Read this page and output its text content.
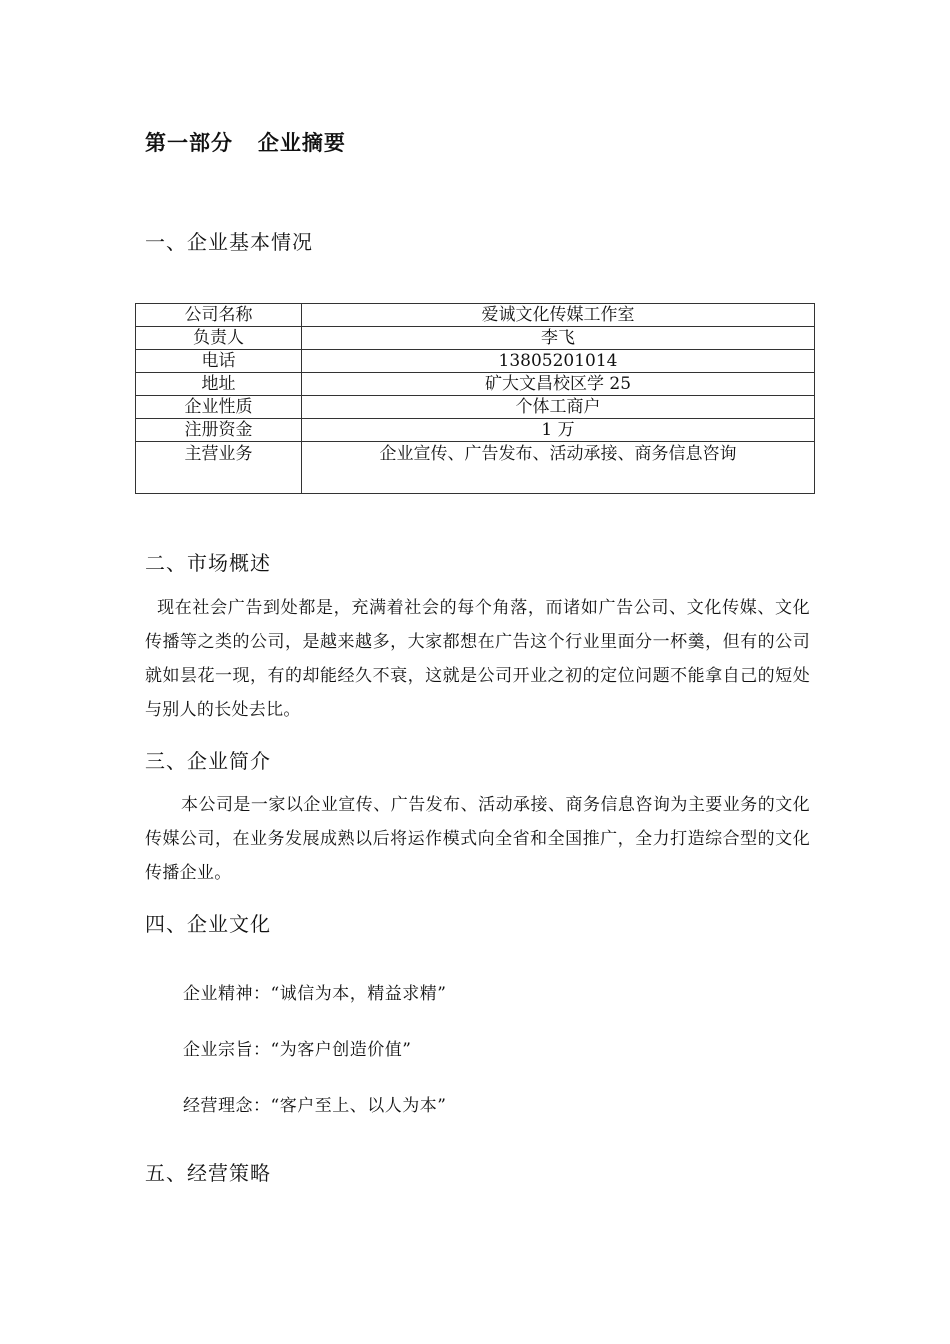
第一部分   企业摘要
一、企业基本情况
公司名称	爱诚文化传媒工作室
负责人	李飞
电话	13805201014
地址	矿大文昌校区学 25
企业性质	个体工商户
注册资金	1 万
主营业务	企业宣传、广告发布、活动承接、商务信息咨询
二、市场概述
现在社会广告到处都是，充满着社会的每个角落，而诸如广告公司、文化传媒、文化传播等之类的公司，是越来越多，大家都想在广告这个行业里面分一杯羹，但有的公司就如昙花一现，有的却能经久不衰，这就是公司开业之初的定位问题不能拿自己的短处与别人的长处去比。
三、企业简介
本公司是一家以企业宣传、广告发布、活动承接、商务信息咨询为主要业务的文化传媒公司，在业务发展成熟以后将运作模式向全省和全国推广，全力打造综合型的文化传播企业。
四、企业文化
企业精神：“诚信为本，精益求精”
企业宗旨：“为客户创造价值”
经营理念：“客户至上、以人为本”
五、经营策略
